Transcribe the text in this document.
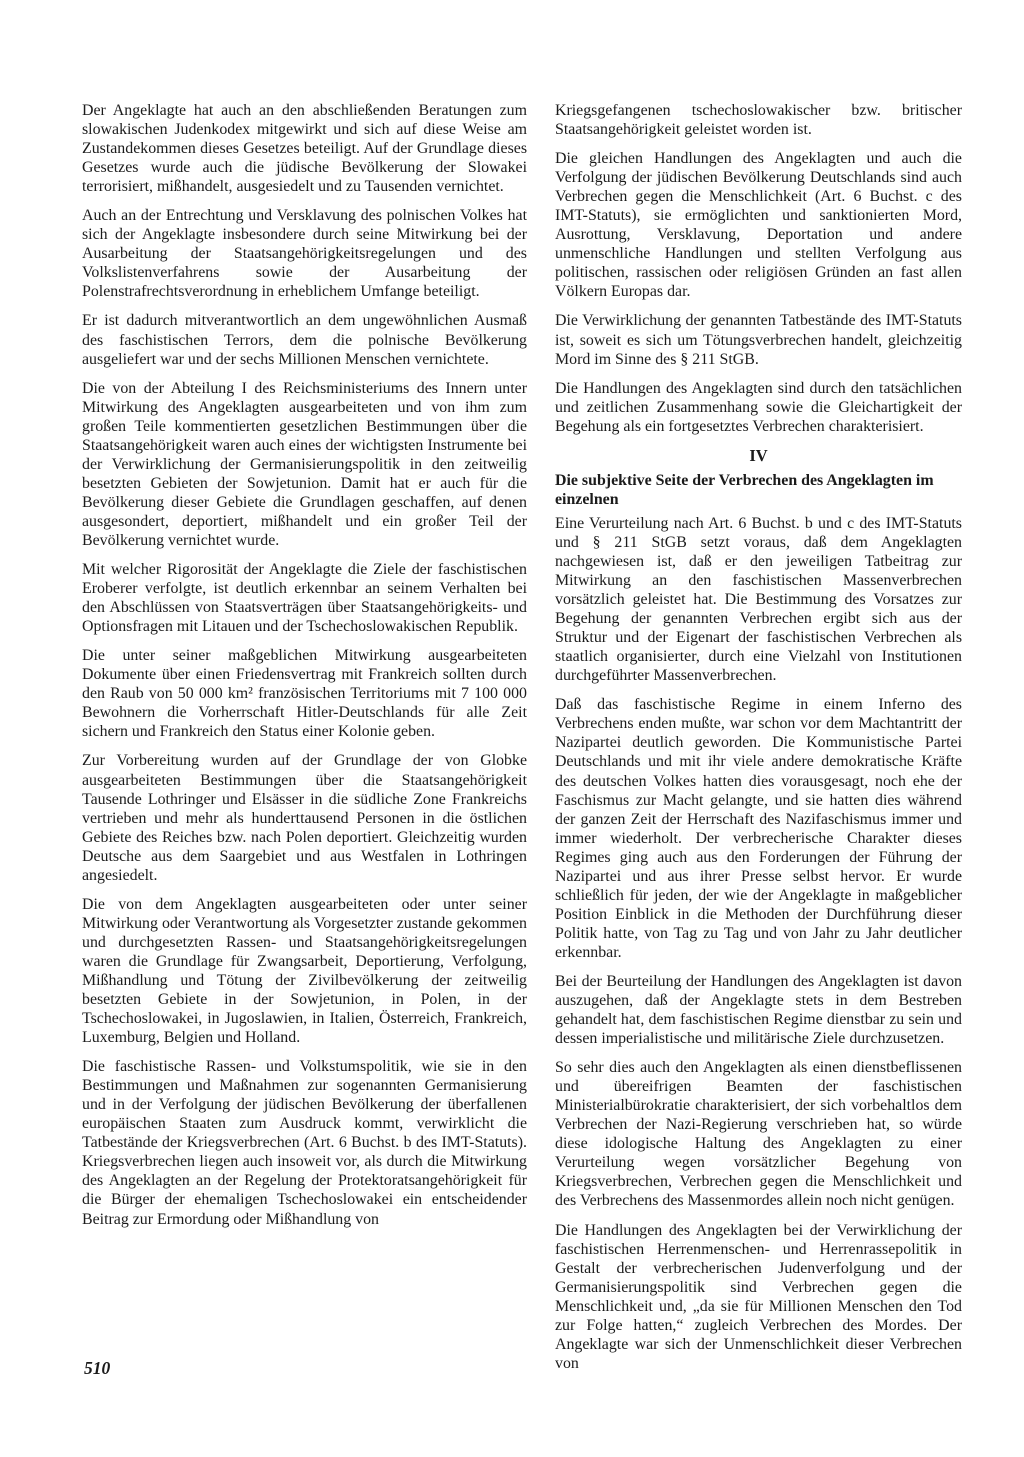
Der Angeklagte hat auch an den abschließenden Beratungen zum slowakischen Judenkodex mitgewirkt und sich auf diese Weise am Zustandekommen dieses Gesetzes beteiligt. Auf der Grundlage dieses Gesetzes wurde auch die jüdische Bevölkerung der Slowakei terrorisiert, mißhandelt, ausgesiedelt und zu Tausenden vernichtet.

Auch an der Entrechtung und Versklavung des polnischen Volkes hat sich der Angeklagte insbesondere durch seine Mitwirkung bei der Ausarbeitung der Staatsangehörigkeitsregelungen und des Volkslistenverfahrens sowie der Ausarbeitung der Polenstrafrechtsverordnung in erheblichem Umfange beteiligt.

Er ist dadurch mitverantwortlich an dem ungewöhnlichen Ausmaß des faschistischen Terrors, dem die polnische Bevölkerung ausgeliefert war und der sechs Millionen Menschen vernichtete.

Die von der Abteilung I des Reichsministeriums des Innern unter Mitwirkung des Angeklagten ausgearbeiteten und von ihm zum großen Teile kommentierten gesetzlichen Bestimmungen über die Staatsangehörigkeit waren auch eines der wichtigsten Instrumente bei der Verwirklichung der Germanisierungspolitik in den zeitweilig besetzten Gebieten der Sowjetunion. Damit hat er auch für die Bevölkerung dieser Gebiete die Grundlagen geschaffen, auf denen ausgesondert, deportiert, mißhandelt und ein großer Teil der Bevölkerung vernichtet wurde.

Mit welcher Rigorosität der Angeklagte die Ziele der faschistischen Eroberer verfolgte, ist deutlich erkennbar an seinem Verhalten bei den Abschlüssen von Staatsverträgen über Staatsangehörigkeits- und Optionsfragen mit Litauen und der Tschechoslowakischen Republik.

Die unter seiner maßgeblichen Mitwirkung ausgearbeiteten Dokumente über einen Friedensvertrag mit Frankreich sollten durch den Raub von 50 000 km² französischen Territoriums mit 7 100 000 Bewohnern die Vorherrschaft Hitler-Deutschlands für alle Zeit sichern und Frankreich den Status einer Kolonie geben.

Zur Vorbereitung wurden auf der Grundlage der von Globke ausgearbeiteten Bestimmungen über die Staatsangehörigkeit Tausende Lothringer und Elsässer in die südliche Zone Frankreichs vertrieben und mehr als hunderttausend Personen in die östlichen Gebiete des Reiches bzw. nach Polen deportiert. Gleichzeitig wurden Deutsche aus dem Saargebiet und aus Westfalen in Lothringen angesiedelt.

Die von dem Angeklagten ausgearbeiteten oder unter seiner Mitwirkung oder Verantwortung als Vorgesetzter zustande gekommen und durchgesetzten Rassen- und Staatsangehörigkeitsregelungen waren die Grundlage für Zwangsarbeit, Deportierung, Verfolgung, Mißhandlung und Tötung der Zivilbevölkerung der zeitweilig besetzten Gebiete in der Sowjetunion, in Polen, in der Tschechoslowakei, in Jugoslawien, in Italien, Österreich, Frankreich, Luxemburg, Belgien und Holland.

Die faschistische Rassen- und Volkstumspolitik, wie sie in den Bestimmungen und Maßnahmen zur sogenannten Germanisierung und in der Verfolgung der jüdischen Bevölkerung der überfallenen europäischen Staaten zum Ausdruck kommt, verwirklicht die Tatbestände der Kriegsverbrechen (Art. 6 Buchst. b des IMT-Statuts). Kriegsverbrechen liegen auch insoweit vor, als durch die Mitwirkung des Angeklagten an der Regelung der Protektoratsangehörigkeit für die Bürger der ehemaligen Tschechoslowakei ein entscheidender Beitrag zur Ermordung oder Mißhandlung von

Kriegsgefangenen tschechoslowakischer bzw. britischer Staatsangehörigkeit geleistet worden ist.

Die gleichen Handlungen des Angeklagten und auch die Verfolgung der jüdischen Bevölkerung Deutschlands sind auch Verbrechen gegen die Menschlichkeit (Art. 6 Buchst. c des IMT-Statuts), sie ermöglichten und sanktionierten Mord, Ausrottung, Versklavung, Deportation und andere unmenschliche Handlungen und stellten Verfolgung aus politischen, rassischen oder religiösen Gründen an fast allen Völkern Europas dar.

Die Verwirklichung der genannten Tatbestände des IMT-Statuts ist, soweit es sich um Tötungsverbrechen handelt, gleichzeitig Mord im Sinne des § 211 StGB.

Die Handlungen des Angeklagten sind durch den tatsächlichen und zeitlichen Zusammenhang sowie die Gleichartigkeit der Begehung als ein fortgesetztes Verbrechen charakterisiert.

IV
Die subjektive Seite der Verbrechen des Angeklagten im einzelnen

Eine Verurteilung nach Art. 6 Buchst. b und c des IMT-Statuts und § 211 StGB setzt voraus, daß dem Angeklagten nachgewiesen ist, daß er den jeweiligen Tatbeitrag zur Mitwirkung an den faschistischen Massenverbrechen vorsätzlich geleistet hat. Die Bestimmung des Vorsatzes zur Begehung der genannten Verbrechen ergibt sich aus der Struktur und der Eigenart der faschistischen Verbrechen als staatlich organisierter, durch eine Vielzahl von Institutionen durchgeführter Massenverbrechen.

Daß das faschistische Regime in einem Inferno des Verbrechens enden mußte, war schon vor dem Machtantritt der Nazipartei deutlich geworden. Die Kommunistische Partei Deutschlands und mit ihr viele andere demokratische Kräfte des deutschen Volkes hatten dies vorausgesagt, noch ehe der Faschismus zur Macht gelangte, und sie hatten dies während der ganzen Zeit der Herrschaft des Nazifaschismus immer und immer wiederholt. Der verbrecherische Charakter dieses Regimes ging auch aus den Forderungen der Führung der Nazipartei und aus ihrer Presse selbst hervor. Er wurde schließlich für jeden, der wie der Angeklagte in maßgeblicher Position Einblick in die Methoden der Durchführung dieser Politik hatte, von Tag zu Tag und von Jahr zu Jahr deutlicher erkennbar.

Bei der Beurteilung der Handlungen des Angeklagten ist davon auszugehen, daß der Angeklagte stets in dem Bestreben gehandelt hat, dem faschistischen Regime dienstbar zu sein und dessen imperialistische und militärische Ziele durchzusetzen.

So sehr dies auch den Angeklagten als einen dienstbeflissenen und übereifrigen Beamten der faschistischen Ministerialbürokratie charakterisiert, der sich vorbehaltlos dem Verbrechen der Nazi-Regierung verschrieben hat, so würde diese idologische Haltung des Angeklagten zu einer Verurteilung wegen vorsätzlicher Begehung von Kriegsverbrechen, Verbrechen gegen die Menschlichkeit und des Verbrechens des Massenmordes allein noch nicht genügen.

Die Handlungen des Angeklagten bei der Verwirklichung der faschistischen Herrenmenschen- und Herrenrassepolitik in Gestalt der verbrecherischen Judenverfolgung und der Germanisierungspolitik sind Verbrechen gegen die Menschlichkeit und, „da sie für Millionen Menschen den Tod zur Folge hatten,“ zugleich Verbrechen des Mordes. Der Angeklagte war sich der Unmenschlichkeit dieser Verbrechen von

510
